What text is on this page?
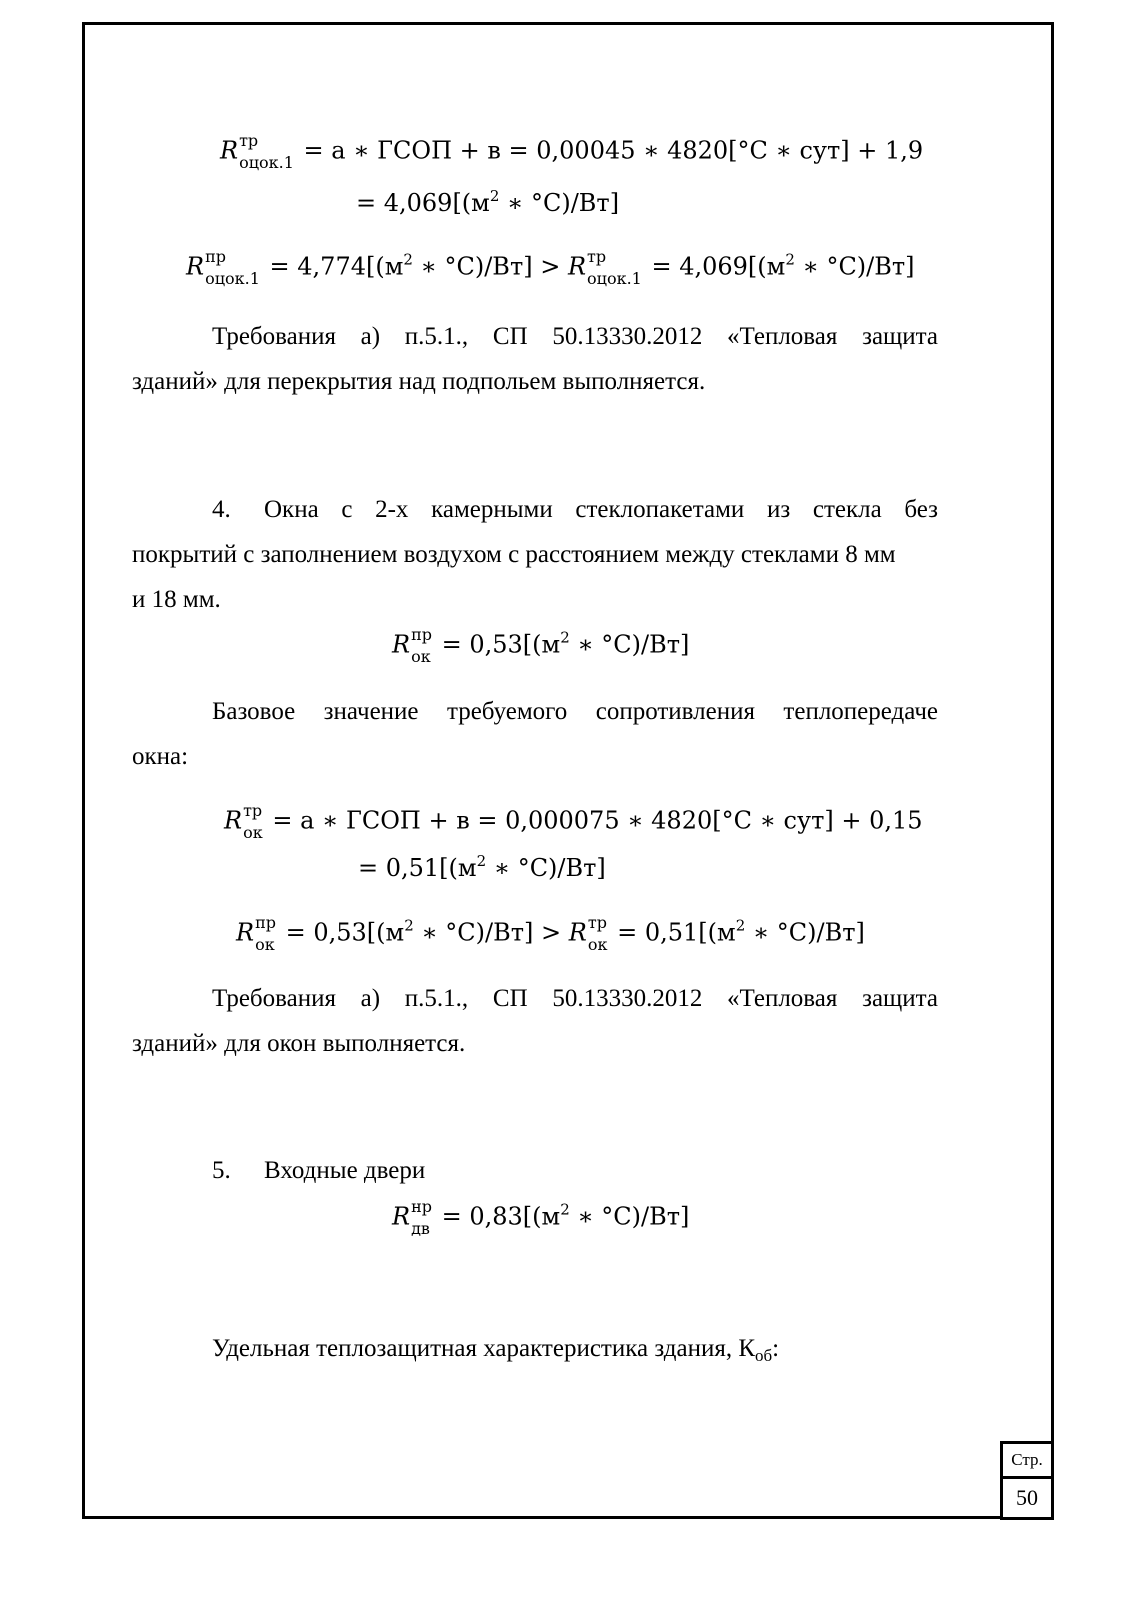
R тр
оцок.1 = а ∗ ГСОП + в = 0,00045 ∗ 4820[°С ∗ сут] + 1,9
= $4,069[(м^2$ ∗ °С)/Вт]
R пр
оцок.1 = $4,774[(м^2$ ∗ °С)/Вт] > R тр
оцок.1 = $4,069[(м^2$ ∗ °С)/Вт]
Требования а) п.5.1., СП 50.13330.2012 «Тепловая защита
зданий» для перекрытия над подпольем выполняется.
4. Окна с 2-х камерными стеклопакетами из стекла без
покрытий с заполнением воздухом с расстоянием между стеклами 8 мм
и 18 мм.
R пр
ок = $0,53[(м^2$ ∗ °С)/Вт]
Базовое значение требуемого сопротивления теплопередаче
окна:
R тр
ок = а ∗ ГСОП + в = 0,000075 ∗ 4820[°С ∗ сут] + 0,15
= $0,51[(м^2$ ∗ °С)/Вт]
R пр
ок = $0,53[(м^2$ ∗ °С)/Вт] > R тр
ок = $0,51[(м^2$ ∗ °С)/Вт]
Требования а) п.5.1., СП 50.13330.2012 «Тепловая защита
зданий» для окон выполняется.
5. Входные двери
R нр
дв = $0,83[(м^2$ ∗ °С)/Вт]
Удельная теплозащитная характеристика здания, $К_{об}$:
Стр.
50
